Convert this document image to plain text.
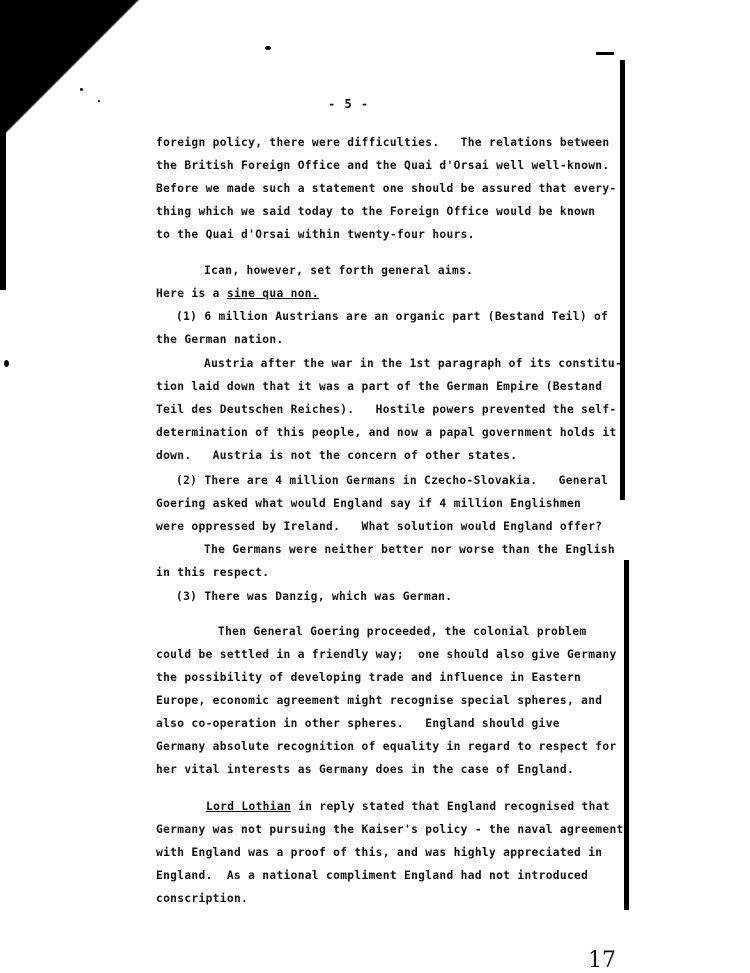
- 5 -
foreign policy, there were difficulties.   The relations between
the British Foreign Office and the Quai d'Orsai well well-known.
Before we made such a statement one should be assured that every-
thing which we said today to the Foreign Office would be known
to the Quai d'Orsai within twenty-four hours.
Ican, however, set forth general aims.
Here is a sine qua non.
(1) 6 million Austrians are an organic part (Bestand Teil) of
the German nation.
Austria after the war in the 1st paragraph of its constitu-
tion laid down that it was a part of the German Empire (Bestand
Teil des Deutschen Reiches).   Hostile powers prevented the self-
determination of this people, and now a papal government holds it
down.   Austria is not the concern of other states.
(2) There are 4 million Germans in Czecho-Slovakia.   General
Goering asked what would England say if 4 million Englishmen
were oppressed by Ireland.   What solution would England offer?
The Germans were neither better nor worse than the English
in this respect.
(3) There was Danzig, which was German.
Then General Goering proceeded, the colonial problem
could be settled in a friendly way;  one should also give Germany
the possibility of developing trade and influence in Eastern
Europe, economic agreement might recognise special spheres, and
also co-operation in other spheres.   England should give
Germany absolute recognition of equality in regard to respect for
her vital interests as Germany does in the case of England.
Lord Lothian in reply stated that England recognised that
Germany was not pursuing the Kaiser's policy - the naval agreement
with England was a proof of this, and was highly appreciated in
England.  As a national compliment England had not introduced
conscription.
17
